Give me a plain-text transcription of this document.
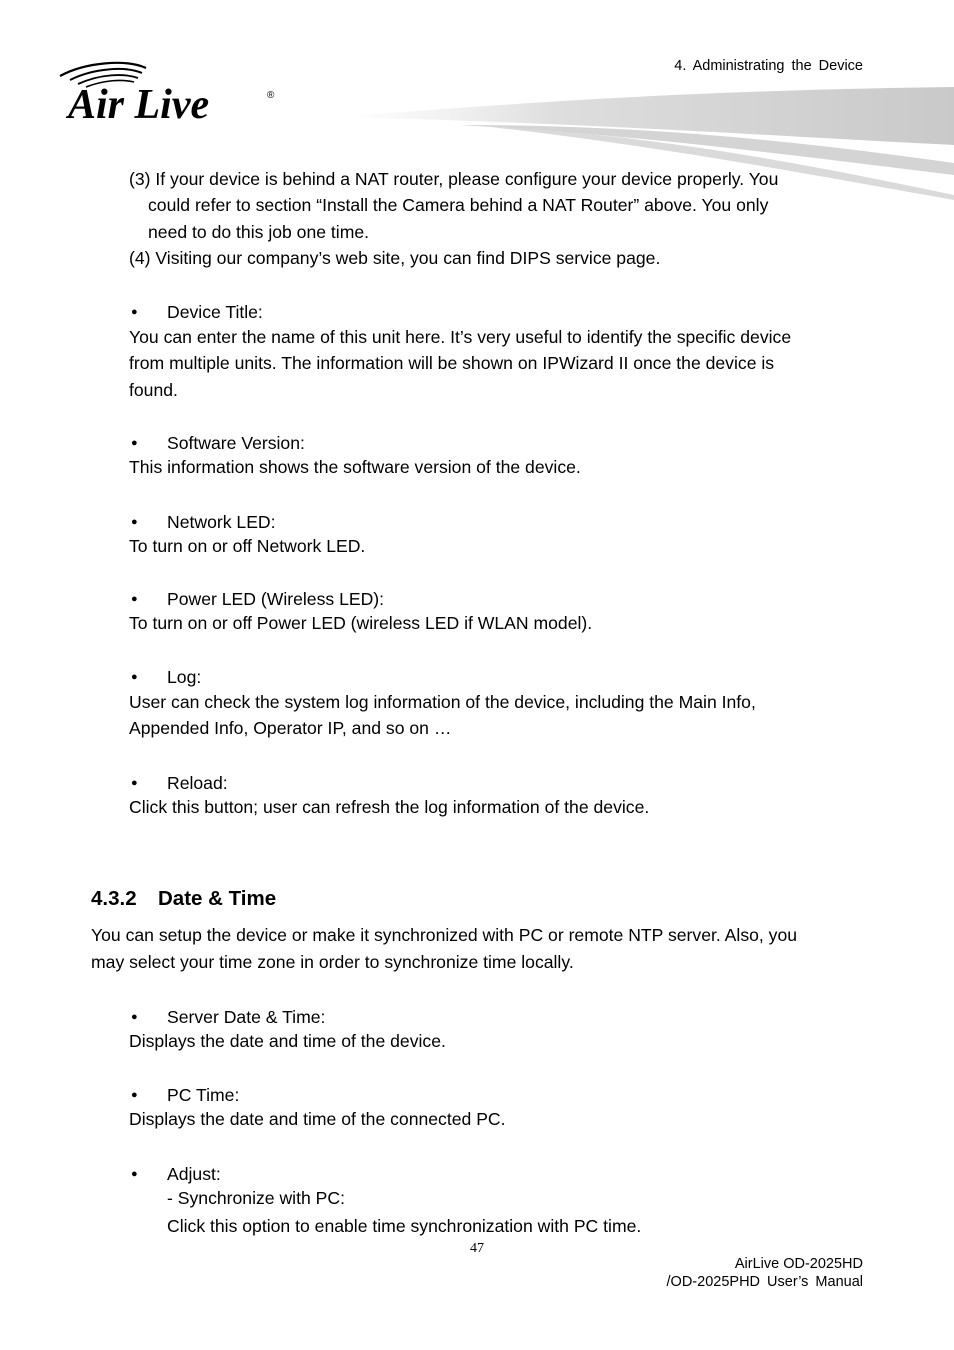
4. Administrating the Device
Air Live	®
(3) If your device is behind a NAT router, please configure your device properly. You
could refer to section “Install the Camera behind a NAT Router” above. You only
need to do this job one time.
(4) Visiting our company’s web site, you can find DIPS service page.
● Device Title:
You can enter the name of this unit here. It’s very useful to identify the specific device
from multiple units. The information will be shown on IPWizard II once the device is
found.
● Software Version:
This information shows the software version of the device.
● Network LED:
To turn on or off Network LED.
● Power LED (Wireless LED):
To turn on or off Power LED (wireless LED if WLAN model).
● Log:
User can check the system log information of the device, including the Main Info,
Appended Info, Operator IP, and so on …
● Reload:
Click this button; user can refresh the log information of the device.
4.3.2 Date & Time
You can setup the device or make it synchronized with PC or remote NTP server. Also, you
may select your time zone in order to synchronize time locally.
● Server Date & Time:
Displays the date and time of the device.
● PC Time:
Displays the date and time of the connected PC.
● Adjust:
- Synchronize with PC:
Click this option to enable time synchronization with PC time.
47
AirLive OD-2025HD
/OD-2025PHD User’s Manual
